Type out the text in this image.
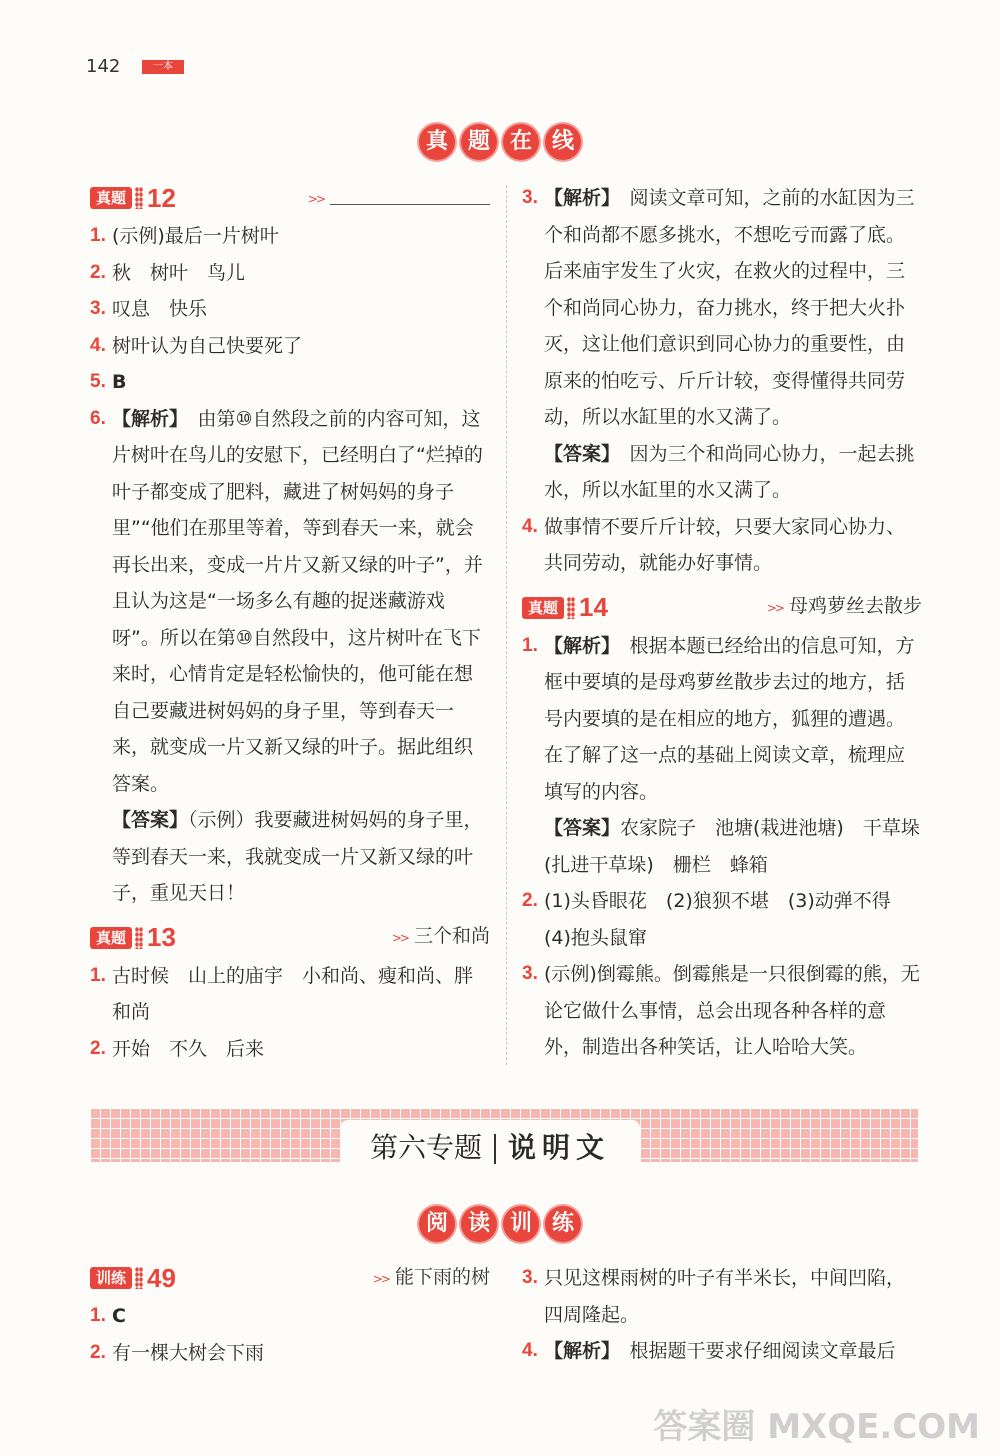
142	一本
真 题 在 线
真题 12	>>
1. (示例)最后一片树叶
2. 秋　树叶　鸟儿
3. 叹息　快乐
4. 树叶认为自己快要死了
5. B
6. 【解析】　由第⑩自然段之前的内容可知，这片树叶在鸟儿的安慰下，已经明白了“烂掉的叶子都变成了肥料，藏进了树妈妈的身子里”“他们在那里等着，等到春天一来，就会再长出来，变成一片片又新又绿的叶子”，并且认为这是“一场多么有趣的捉迷藏游戏呀”。所以在第⑩自然段中，这片树叶在飞下来时，心情肯定是轻松愉快的，他可能在想自己要藏进树妈妈的身子里，等到春天一来，就变成一片又新又绿的叶子。据此组织答案。
【答案】（示例）我要藏进树妈妈的身子里，等到春天一来，我就变成一片又新又绿的叶子，重见天日！
真题 13	>> 三个和尚
1. 古时候　山上的庙宇　小和尚、瘦和尚、胖和尚
2. 开始　不久　后来
3. 【解析】　阅读文章可知，之前的水缸因为三个和尚都不愿多挑水，不想吃亏而露了底。后来庙宇发生了火灾，在救火的过程中，三个和尚同心协力，奋力挑水，终于把大火扑灭，这让他们意识到同心协力的重要性，由原来的怕吃亏、斤斤计较，变得懂得共同劳动，所以水缸里的水又满了。
【答案】　因为三个和尚同心协力，一起去挑水，所以水缸里的水又满了。
4. 做事情不要斤斤计较，只要大家同心协力、共同劳动，就能办好事情。
真题 14	>> 母鸡萝丝去散步
1. 【解析】　根据本题已经给出的信息可知，方框中要填的是母鸡萝丝散步去过的地方，括号内要填的是在相应的地方，狐狸的遭遇。在了解了这一点的基础上阅读文章，梳理应填写的内容。
【答案】农家院子　池塘(栽进池塘)　干草垛(扎进干草垛)　栅栏　蜂箱
2. (1)头昏眼花　(2)狼狈不堪　(3)动弹不得　(4)抱头鼠窜
3. (示例)倒霉熊。倒霉熊是一只很倒霉的熊，无论它做什么事情，总会出现各种各样的意外，制造出各种笑话，让人哈哈大笑。
第六专题 说明文
阅 读 训 练
训练 49	>> 能下雨的树
1. C
2. 有一棵大树会下雨
3. 只见这棵雨树的叶子有半米长，中间凹陷，四周隆起。
4. 【解析】　根据题干要求仔细阅读文章最后
答案圈 MXQE.COM
